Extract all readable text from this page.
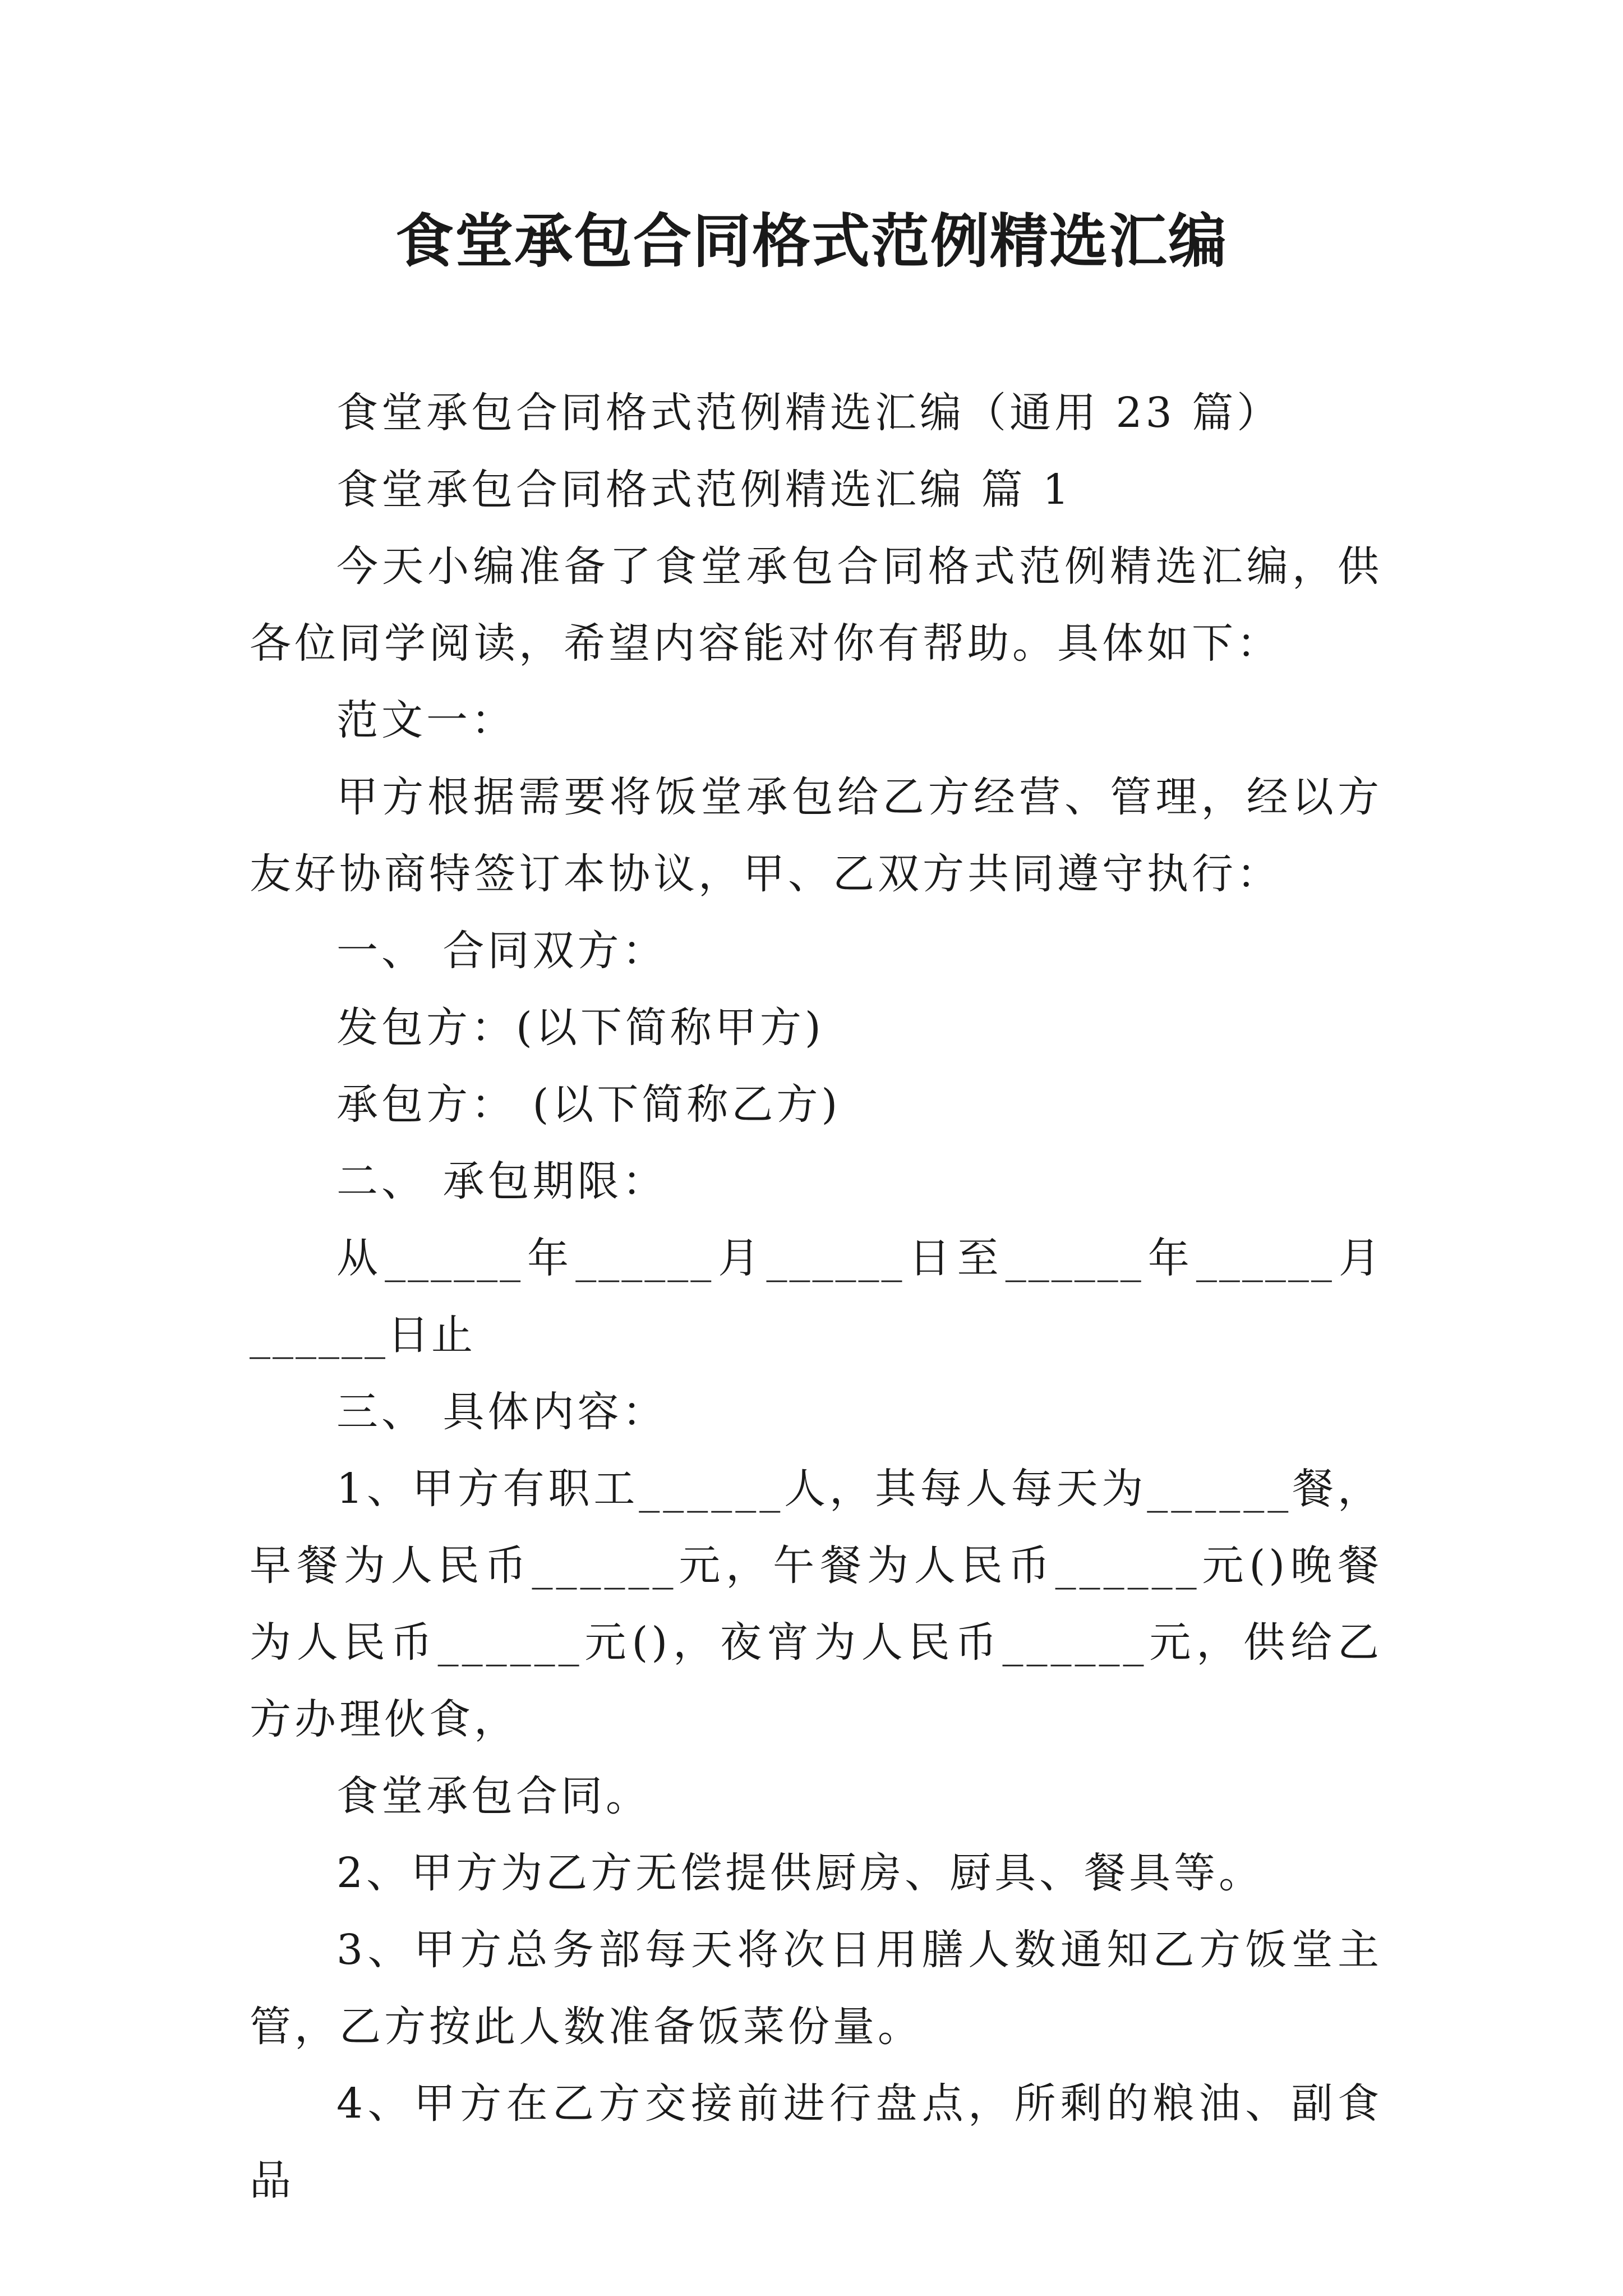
食堂承包合同格式范例精选汇编

食堂承包合同格式范例精选汇编（通用 23 篇）

食堂承包合同格式范例精选汇编 篇 1

今天小编准备了食堂承包合同格式范例精选汇编，供各位同学阅读，希望内容能对你有帮助。具体如下：

范文一：

甲方根据需要将饭堂承包给乙方经营、管理，经以方友好协商特签订本协议，甲、乙双方共同遵守执行：

一、 合同双方：

发包方：(以下简称甲方)

承包方： (以下简称乙方)

二、 承包期限：

从______年______月______日至______年______月______日止

三、 具体内容：

1、甲方有职工______人，其每人每天为______餐，早餐为人民币______元，午餐为人民币______元()晚餐为人民币______元()，夜宵为人民币______元，供给乙方办理伙食，

食堂承包合同。

2、甲方为乙方无偿提供厨房、厨具、餐具等。

3、甲方总务部每天将次日用膳人数通知乙方饭堂主管，乙方按此人数准备饭菜份量。

4、甲方在乙方交接前进行盘点，所剩的粮油、副食品
